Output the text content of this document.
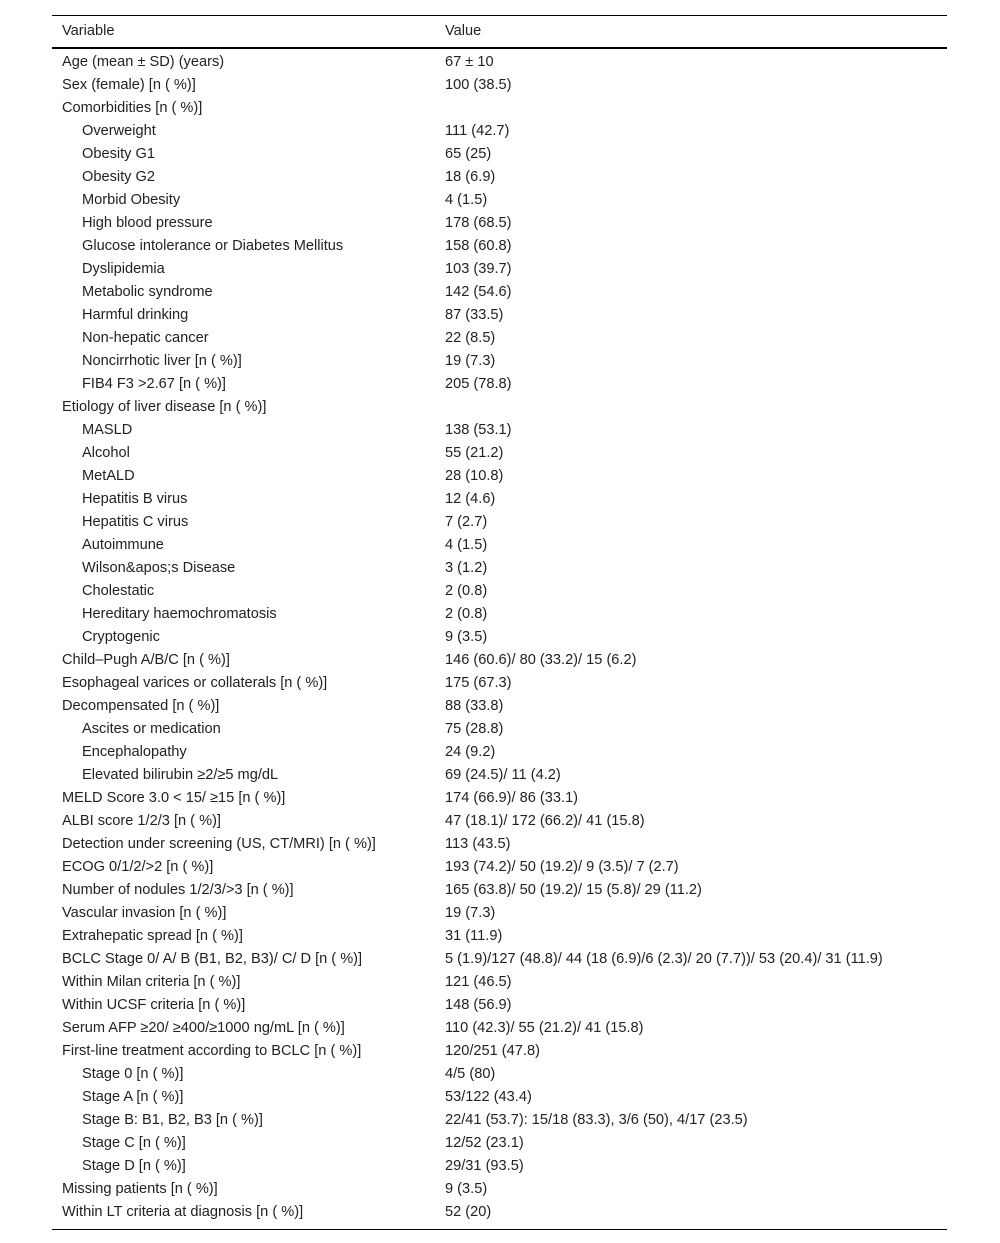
Variable	Value
Age (mean ± SD) (years)	67 ± 10
Sex (female) [n ( %)]	100 (38.5)
Comorbidities [n ( %)]	
Overweight	111 (42.7)
Obesity G1	65 (25)
Obesity G2	18 (6.9)
Morbid Obesity	4 (1.5)
High blood pressure	178 (68.5)
Glucose intolerance or Diabetes Mellitus	158 (60.8)
Dyslipidemia	103 (39.7)
Metabolic syndrome	142 (54.6)
Harmful drinking	87 (33.5)
Non-hepatic cancer	22 (8.5)
Noncirrhotic liver [n ( %)]	19 (7.3)
FIB4 F3 >2.67 [n ( %)]	205 (78.8)
Etiology of liver disease [n ( %)]	
MASLD	138 (53.1)
Alcohol	55 (21.2)
MetALD	28 (10.8)
Hepatitis B virus	12 (4.6)
Hepatitis C virus	7 (2.7)
Autoimmune	4 (1.5)
Wilson&apos;s Disease	3 (1.2)
Cholestatic	2 (0.8)
Hereditary haemochromatosis	2 (0.8)
Cryptogenic	9 (3.5)
Child–Pugh A/B/C [n ( %)]	146 (60.6)/ 80 (33.2)/ 15 (6.2)
Esophageal varices or collaterals [n ( %)]	175 (67.3)
Decompensated [n ( %)]	88 (33.8)
Ascites or medication	75 (28.8)
Encephalopathy	24 (9.2)
Elevated bilirubin ≥2/≥5 mg/dL	69 (24.5)/ 11 (4.2)
MELD Score 3.0 < 15/ ≥15 [n ( %)]	174 (66.9)/ 86 (33.1)
ALBI score 1/2/3 [n ( %)]	47 (18.1)/ 172 (66.2)/ 41 (15.8)
Detection under screening (US, CT/MRI) [n ( %)]	113 (43.5)
ECOG 0/1/2/>2 [n ( %)]	193 (74.2)/ 50 (19.2)/ 9 (3.5)/ 7 (2.7)
Number of nodules 1/2/3/>3 [n ( %)]	165 (63.8)/ 50 (19.2)/ 15 (5.8)/ 29 (11.2)
Vascular invasion [n ( %)]	19 (7.3)
Extrahepatic spread [n ( %)]	31 (11.9)
BCLC Stage 0/ A/ B (B1, B2, B3)/ C/ D [n ( %)]	5 (1.9)/127 (48.8)/ 44 (18 (6.9)/6 (2.3)/ 20 (7.7))/ 53 (20.4)/ 31 (11.9)
Within Milan criteria [n ( %)]	121 (46.5)
Within UCSF criteria [n ( %)]	148 (56.9)
Serum AFP ≥20/ ≥400/≥1000 ng/mL [n ( %)]	110 (42.3)/ 55 (21.2)/ 41 (15.8)
First-line treatment according to BCLC [n ( %)]	120/251 (47.8)
Stage 0 [n ( %)]	4/5 (80)
Stage A [n ( %)]	53/122 (43.4)
Stage B: B1, B2, B3 [n ( %)]	22/41 (53.7): 15/18 (83.3), 3/6 (50), 4/17 (23.5)
Stage C [n ( %)]	12/52 (23.1)
Stage D [n ( %)]	29/31 (93.5)
Missing patients [n ( %)]	9 (3.5)
Within LT criteria at diagnosis [n ( %)]	52 (20)
